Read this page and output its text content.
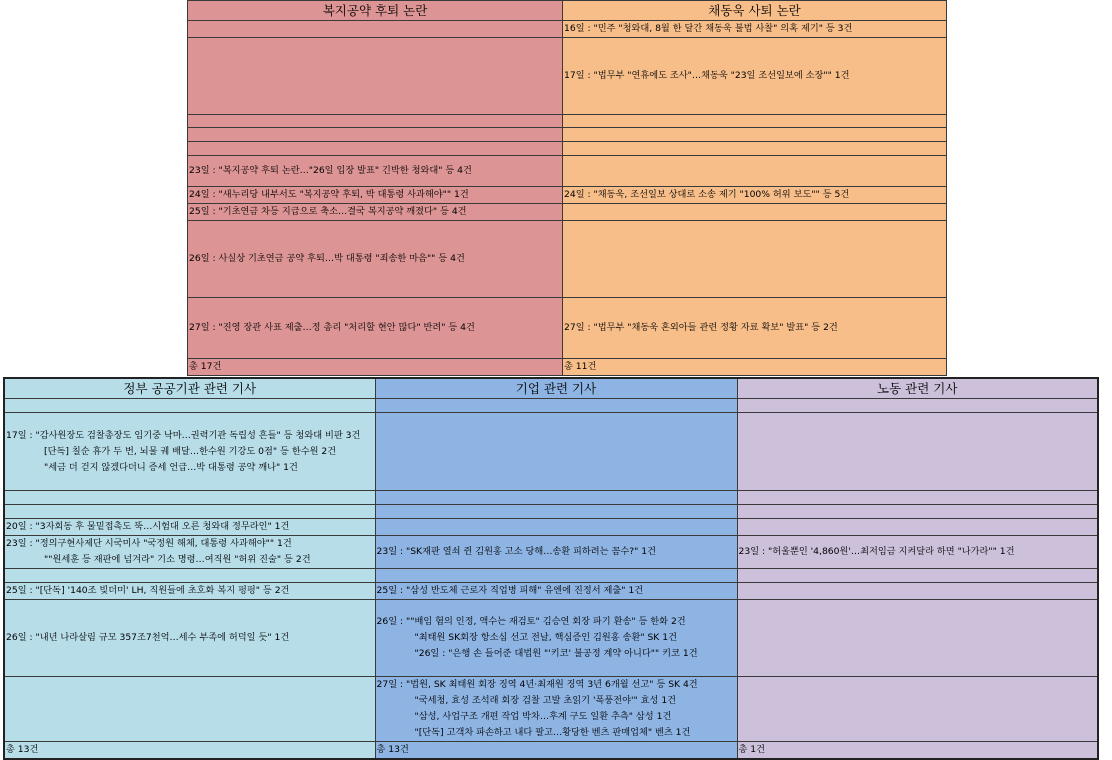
복지공약 후퇴 논란	채동욱 사퇴 논란
	16일 : "민주 "청와대, 8월 한 달간 채동욱 불법 사찰" 의혹 제기" 등 3건
	17일 : "법무부 "연휴에도 조사"…채동욱 "23일 조선일보에 소장"" 1건

23일 : "복지공약 후퇴 논란…"26일 입장 발표" 긴박한 청와대" 등 4건	
24일 : "새누리당 내부서도 "복지공약 후퇴, 박 대통령 사과해야"" 1건	24일 : "채동욱, 조선일보 상대로 소송 제기 "100% 허위 보도"" 등 5건
25일 : "기초연금 차등 지급으로 축소…결국 복지공약 깨졌다" 등 4건	
26일 : 사실상 기초연금 공약 후퇴…박 대통령 "죄송한 마음"" 등 4건	
27일 : "진영 장관 사표 제출…정 총리 "처리할 현안 많다" 반려" 등 4건	27일 : "법무부 "채동욱 혼외아들 관련 정황 자료 확보" 발표" 등 2건
총 17건	총 11건
정부 공공기관 관련 기사	기업 관련 기사	노동 관련 기사

17일 : "감사원장도 검찰총장도 임기중 낙마…권력기관 독립성 흔들" 등 청와대 비판 3건
[단독] 칠순 휴가 두 번, 뇌물 궤 배달…한수원 기강도 0점" 등 한수원 2건
"세금 더 걷지 않겠다더니 증세 언급…박 대통령 공약 깨나" 1건		

20일 : "3자회동 후 물밑접촉도 뚝…시험대 오른 청와대 정무라인" 1건		

23일 : "정의구현사제단 시국미사 "국정원 해체, 대통령 사과해야"" 1건
""원세훈 등 재판에 넘겨라" 기소 명령…여직원 "허위 진술" 등 2건	23일 : "SK재판 열쇠 쥔 김원홍 고소 당해…송환 피하려는 꼼수?" 1건	23일 : "허울뿐인 '4,860원'…최저임금 지켜달라 하면 "나가라"" 1건

25일 : "[단독] '140조 빚더미' LH, 직원들에 초호화 복지 펑펑" 등 2건	25일 : "삼성 반도체 근로자 직업병 피해" 유엔에 진정서 제출" 1건	
26일 : "내년 나라살림 규모 357조7천억…세수 부족에 허덕일 듯" 1건	26일 : ""배임 혐의 인정, 액수는 재검토" 김승연 회장 파기 환송" 등 한화 2건
"최태원 SK회장 항소심 선고 전날, 핵심증인 김원홍 송환" SK 1건
"26일 : "은행 손 들어준 대법원 "'키코' 불공정 계약 아니다"" 키코 1건	

	27일 : "법원, SK 최태원 회장 징역 4년·최재원 징역 3년 6개월 선고" 등 SK 4건
"국세청, 효성 조석래 회장 검찰 고발 초읽기 '폭풍전야'" 효성 1건
"삼성, 사업구조 개편 작업 박차…후계 구도 일환 추측" 삼성 1건
"[단독] 고객차 파손하고 내다 팔고…황당한 벤츠 판매업체" 벤츠 1건	

총 13건	총 13건	총 1건
